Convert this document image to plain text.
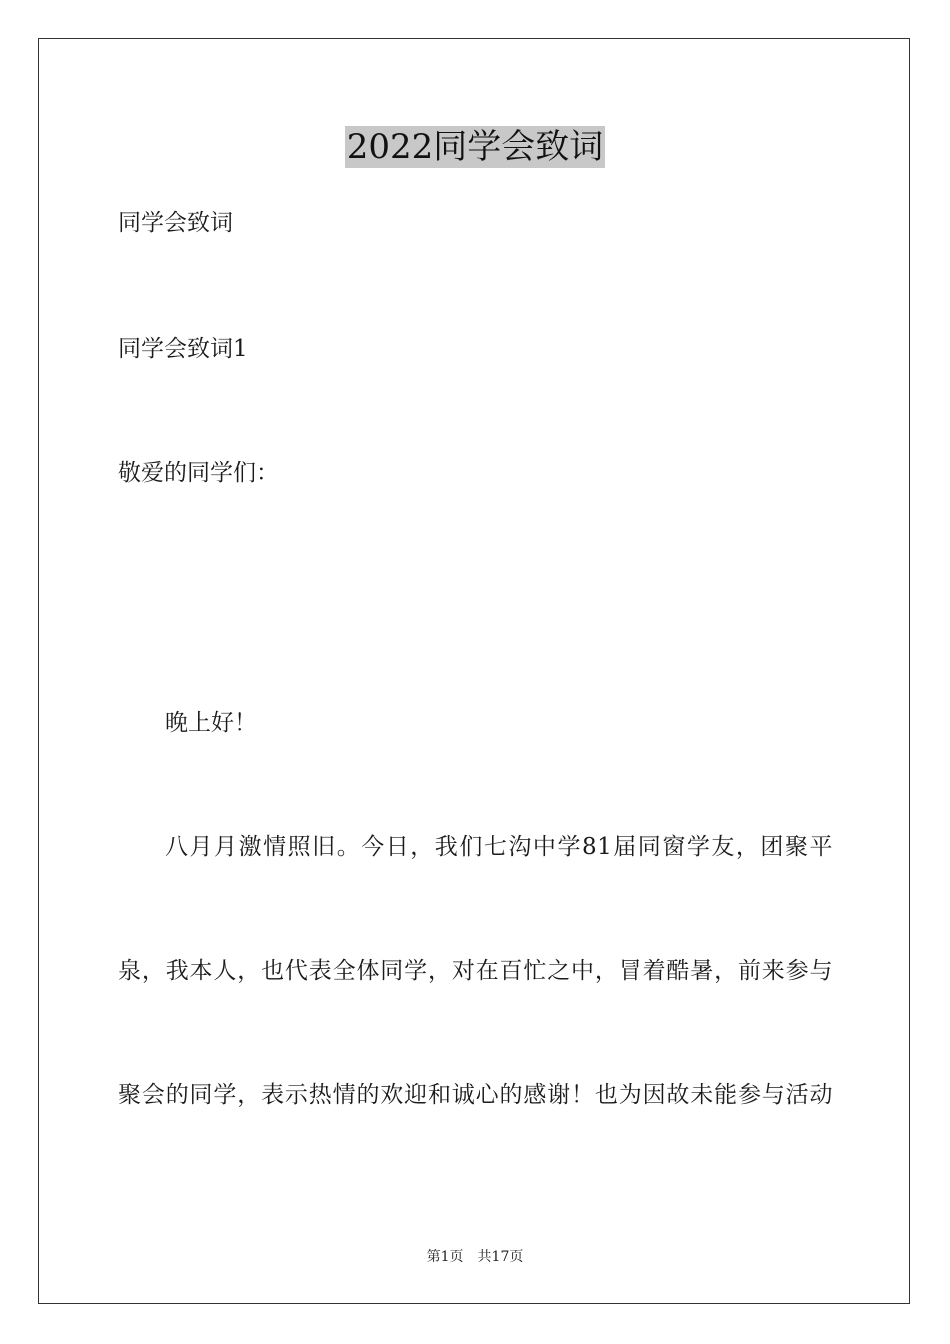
2022同学会致词
同学会致词
同学会致词1
敬爱的同学们：
晚上好！
八月月激情照旧。今日，我们七沟中学81届同窗学友，团聚平
泉，我本人，也代表全体同学，对在百忙之中，冒着酷暑，前来参与
聚会的同学，表示热情的欢迎和诚心的感谢！也为因故未能参与活动
第1页 共17页
